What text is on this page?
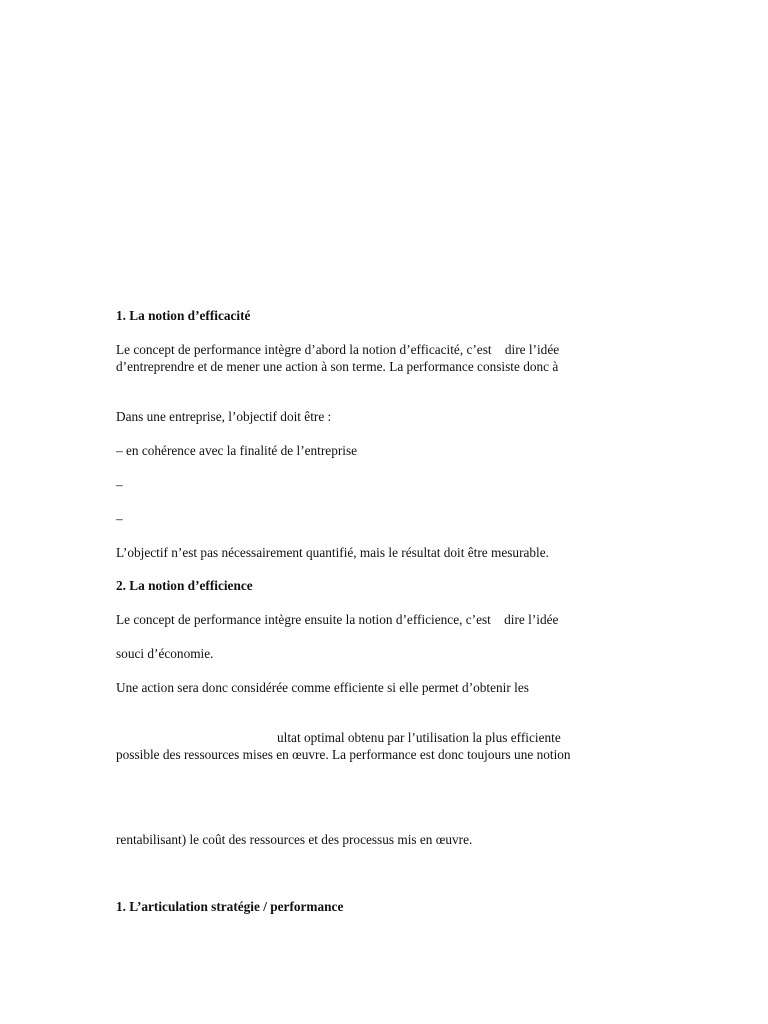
1. La notion d’efficacité

Le concept de performance intègre d’abord la notion d’efficacité, c’est    dire l’idée

d’entreprendre et de mener une action à son terme. La performance consiste donc à

Dans une entreprise, l’objectif doit être :

– en cohérence avec la finalité de l’entreprise

–

–

L’objectif n’est pas nécessairement quantifié, mais le résultat doit être mesurable.

2. La notion d’efficience

Le concept de performance intègre ensuite la notion d’efficience, c’est    dire l’idée

souci d’économie.

Une action sera donc considérée comme efficiente si elle permet d’obtenir les

ultat optimal obtenu par l’utilisation la plus efficiente

possible des ressources mises en œuvre. La performance est donc toujours une notion

rentabilisant) le coût des ressources et des processus mis en œuvre.

1. L’articulation stratégie / performance
